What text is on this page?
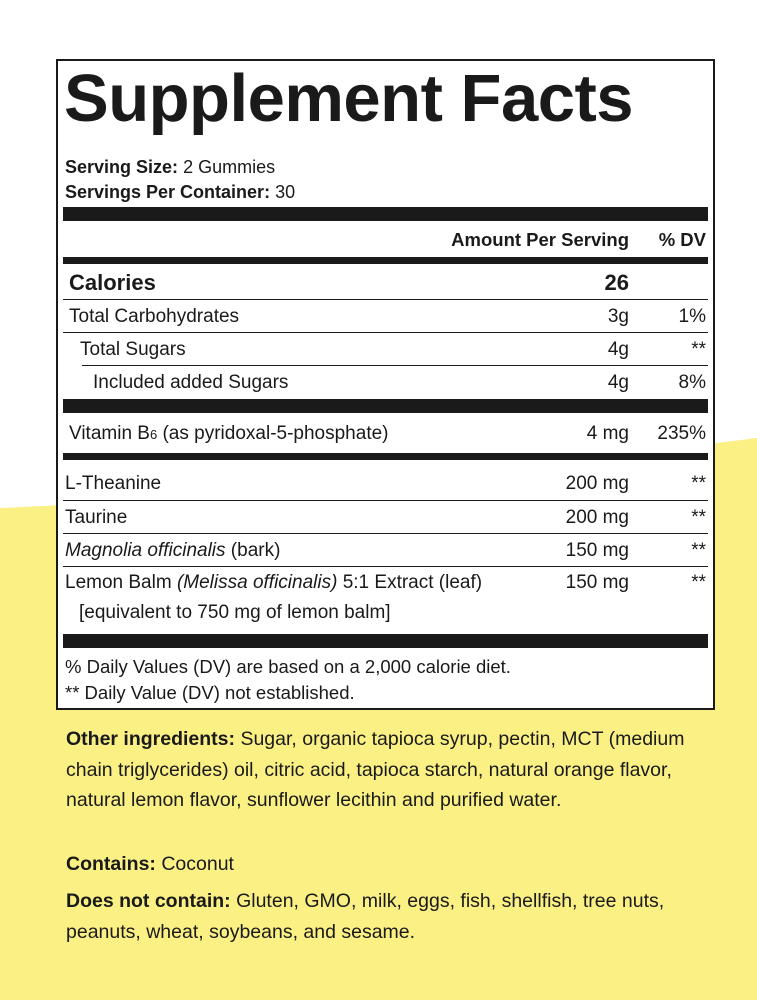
Supplement Facts
Serving Size: 2 Gummies
Servings Per Container: 30
Amount Per Serving % DV
Calories	26
Total Carbohydrates	3g	1%
Total Sugars	4g	**
Included added Sugars	4g	8%
Vitamin B6 (as pyridoxal-5-phosphate)	4 mg 235%
L-Theanine	200 mg	**
Taurine	200 mg	**
Magnolia officinalis (bark)	150 mg	**
Lemon Balm (Melissa officinalis) 5:1 Extract (leaf)	150 mg	**
[equivalent to 750 mg of lemon balm]
% Daily Values (DV) are based on a 2,000 calorie diet.
** Daily Value (DV) not established.

Other ingredients: Sugar, organic tapioca syrup, pectin, MCT (medium chain triglycerides) oil, citric acid, tapioca starch, natural orange flavor, natural lemon flavor, sunflower lecithin and purified water.

Contains: Coconut

Does not contain: Gluten, GMO, milk, eggs, fish, shellfish, tree nuts, peanuts, wheat, soybeans, and sesame.
